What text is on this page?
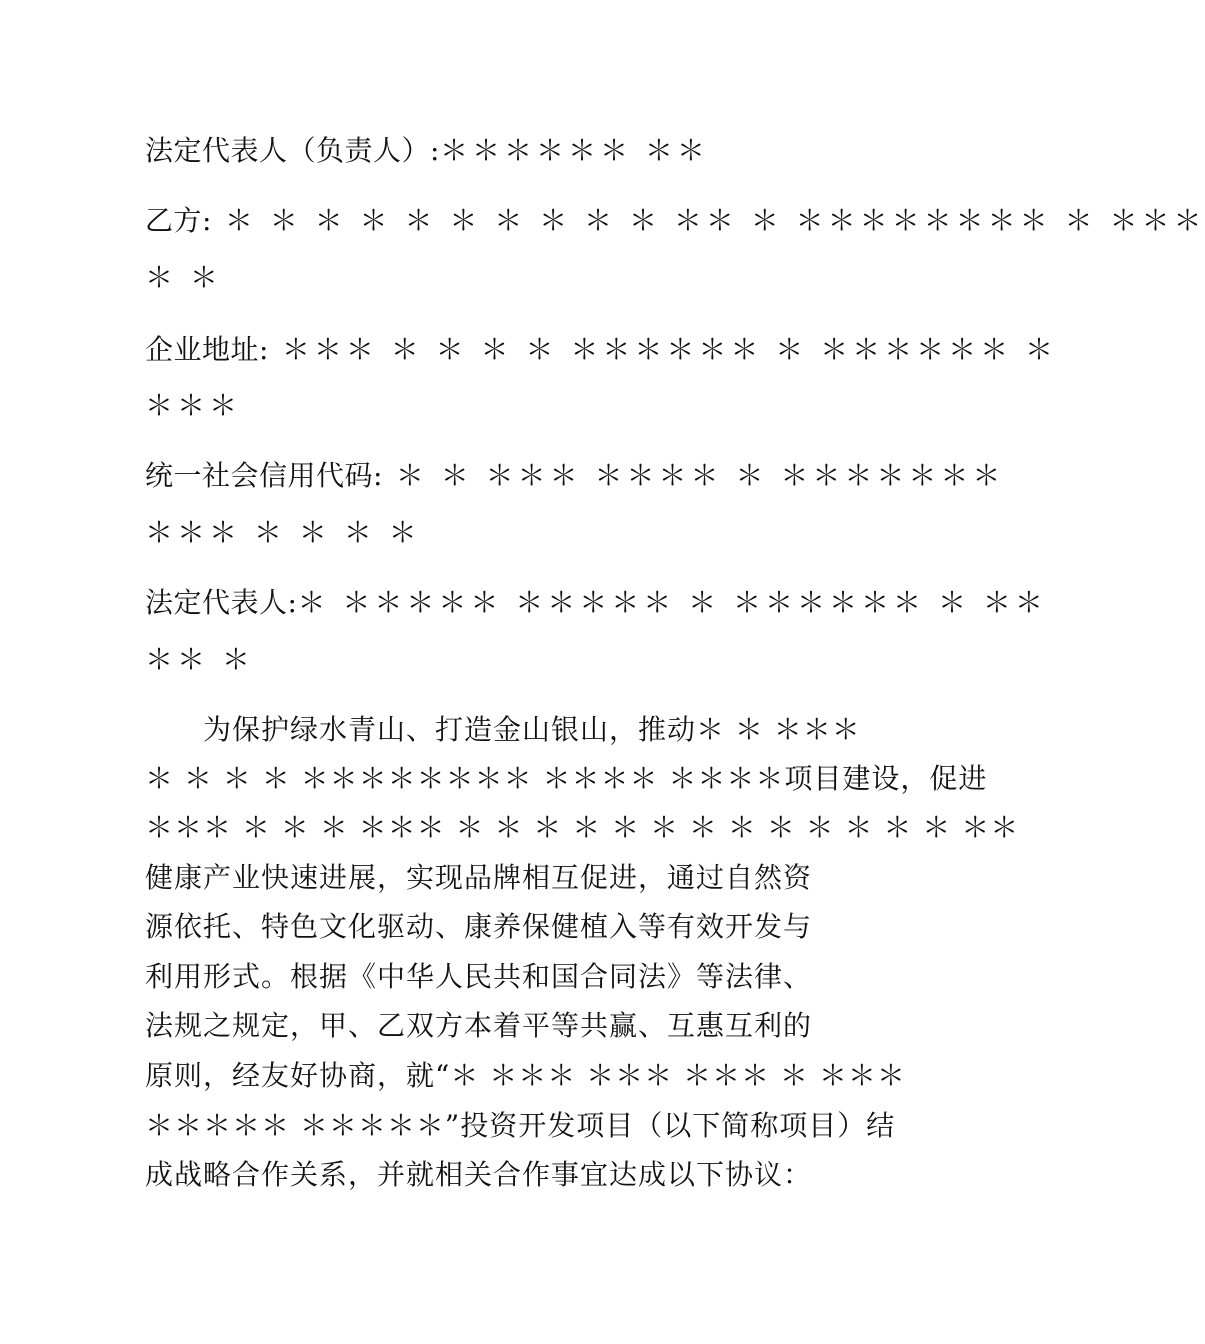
法定代表人（负责人）:＊＊＊＊＊＊ ＊＊
乙方: ＊ ＊ ＊ ＊ ＊ ＊ ＊ ＊ ＊ ＊ ＊＊ ＊ ＊＊＊＊＊＊＊＊ ＊ ＊＊＊
＊ ＊
企业地址: ＊＊＊ ＊ ＊ ＊ ＊ ＊＊＊＊＊＊ ＊ ＊＊＊＊＊＊ ＊
＊＊＊
统一社会信用代码: ＊ ＊ ＊＊＊ ＊＊＊＊ ＊ ＊＊＊＊＊＊＊
＊＊＊ ＊ ＊ ＊ ＊
法定代表人:＊ ＊＊＊＊＊ ＊＊＊＊＊ ＊ ＊＊＊＊＊＊ ＊ ＊＊
＊＊ ＊
　　为保护绿水青山、打造金山银山，推动＊ ＊ ＊＊＊
＊ ＊ ＊ ＊ ＊＊＊＊＊＊＊＊ ＊＊＊＊ ＊＊＊＊项目建设，促进
＊＊＊ ＊ ＊ ＊ ＊＊＊ ＊ ＊ ＊ ＊ ＊ ＊ ＊ ＊ ＊ ＊ ＊ ＊ ＊ ＊＊
健康产业快速进展，实现品牌相互促进，通过自然资
源依托、特色文化驱动、康养保健植入等有效开发与
利用形式。根据《中华人民共和国合同法》等法律、
法规之规定，甲、乙双方本着平等共赢、互惠互利的
原则，经友好协商，就“＊ ＊＊＊ ＊＊＊ ＊＊＊ ＊ ＊＊＊
＊＊＊＊＊ ＊＊＊＊＊”投资开发项目（以下简称项目）结
成战略合作关系，并就相关合作事宜达成以下协议：
